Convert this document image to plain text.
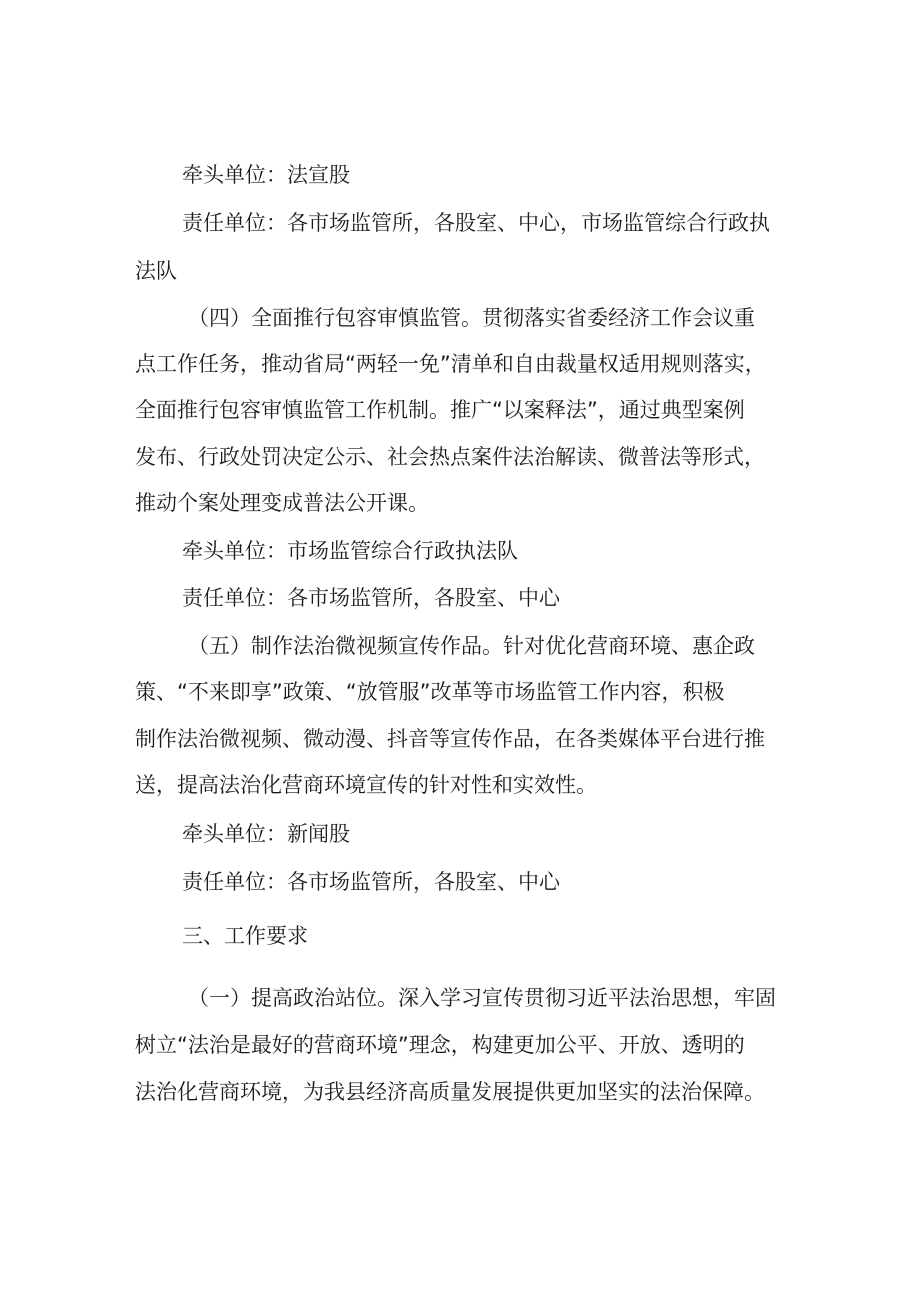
牵头单位：法宣股
责任单位：各市场监管所，各股室、中心，市场监管综合行政执
法队
（四）全面推行包容审慎监管。贯彻落实省委经济工作会议重
点工作任务，推动省局“两轻一免”清单和自由裁量权适用规则落实，
全面推行包容审慎监管工作机制。推广“以案释法”，通过典型案例
发布、行政处罚决定公示、社会热点案件法治解读、微普法等形式，
推动个案处理变成普法公开课。
牵头单位：市场监管综合行政执法队
责任单位：各市场监管所，各股室、中心
（五）制作法治微视频宣传作品。针对优化营商环境、惠企政
策、“不来即享”政策、“放管服”改革等市场监管工作内容，积极
制作法治微视频、微动漫、抖音等宣传作品，在各类媒体平台进行推
送，提高法治化营商环境宣传的针对性和实效性。
牵头单位：新闻股
责任单位：各市场监管所，各股室、中心
三、工作要求
（一）提高政治站位。深入学习宣传贯彻习近平法治思想，牢固
树立“法治是最好的营商环境”理念，构建更加公平、开放、透明的
法治化营商环境，为我县经济高质量发展提供更加坚实的法治保障。
